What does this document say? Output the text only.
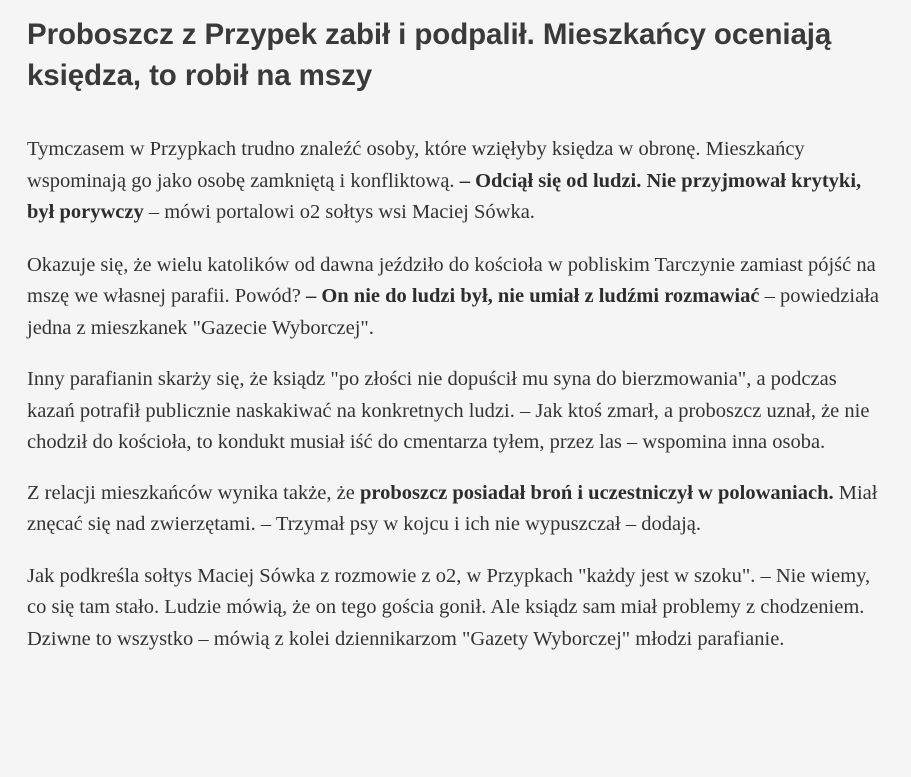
Proboszcz z Przypek zabił i podpalił. Mieszkańcy oceniają księdza, to robił na mszy

Tymczasem w Przypkach trudno znaleźć osoby, które wzięłyby księdza w obronę. Mieszkańcy wspominają go jako osobę zamkniętą i konfliktową. – Odciął się od ludzi. Nie przyjmował krytyki, był porywczy – mówi portalowi o2 sołtys wsi Maciej Sówka.

Okazuje się, że wielu katolików od dawna jeździło do kościoła w pobliskim Tarczynie zamiast pójść na mszę we własnej parafii. Powód? – On nie do ludzi był, nie umiał z ludźmi rozmawiać – powiedziała jedna z mieszkanek "Gazecie Wyborczej".

Inny parafianin skarży się, że ksiądz "po złości nie dopuścił mu syna do bierzmowania", a podczas kazań potrafił publicznie naskakiwać na konkretnych ludzi. – Jak ktoś zmarł, a proboszcz uznał, że nie chodził do kościoła, to kondukt musiał iść do cmentarza tyłem, przez las – wspomina inna osoba.

Z relacji mieszkańców wynika także, że proboszcz posiadał broń i uczestniczył w polowaniach. Miał znęcać się nad zwierzętami. – Trzymał psy w kojcu i ich nie wypuszczał – dodają.

Jak podkreśla sołtys Maciej Sówka z rozmowie z o2, w Przypkach "każdy jest w szoku". – Nie wiemy, co się tam stało. Ludzie mówią, że on tego gościa gonił. Ale ksiądz sam miał problemy z chodzeniem. Dziwne to wszystko – mówią z kolei dziennikarzom "Gazety Wyborczej" młodzi parafianie.
